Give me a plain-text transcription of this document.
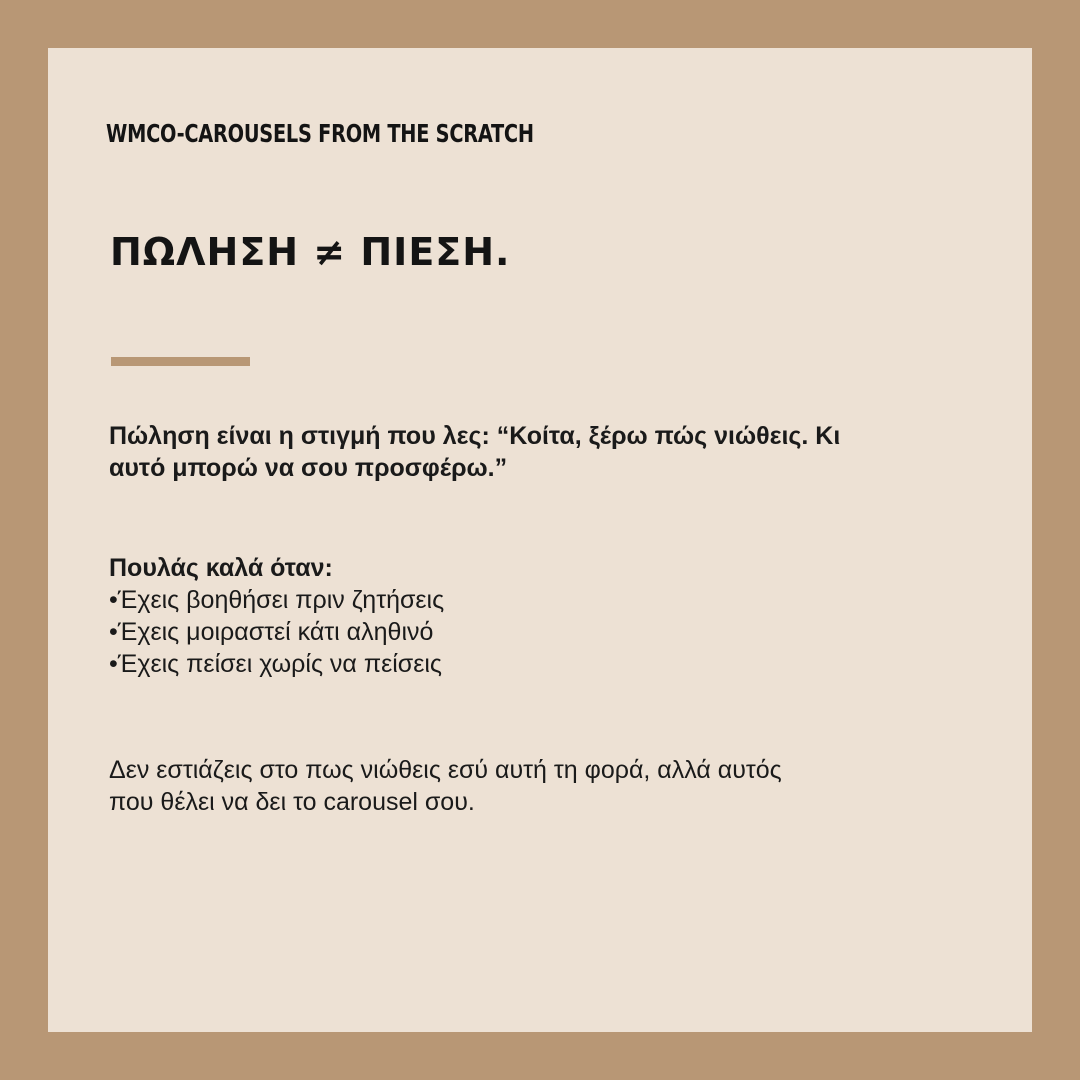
WMCO-CAROUSELS FROM THE SCRATCH
ΠΩΛΗΣΗ ≠ ΠΙΕΣΗ.

Πώληση είναι η στιγμή που λες: “Κοίτα, ξέρω πώς νιώθεις. Κι
αυτό μπορώ να σου προσφέρω.”

Πουλάς καλά όταν:
•Έχεις βοηθήσει πριν ζητήσεις
•Έχεις μοιραστεί κάτι αληθινό
•Έχεις πείσει χωρίς να πείσεις

Δεν εστιάζεις στο πως νιώθεις εσύ αυτή τη φορά, αλλά αυτός
που θέλει να δει το carousel σου.
